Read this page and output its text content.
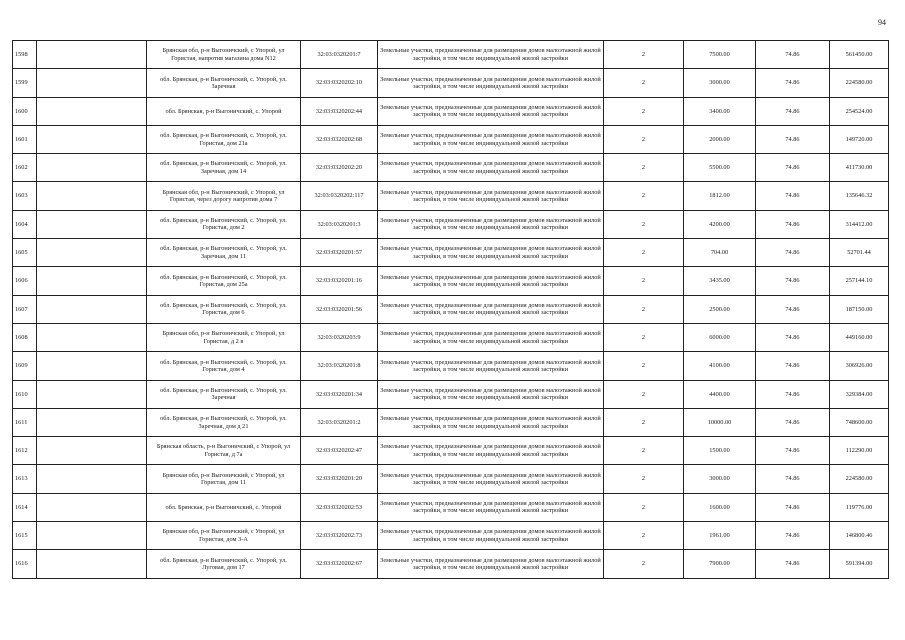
94
1598		Брянская обл, р-н Выгоничский, с Упорой, ул Гористая, напротив магазина дома N12	32:03:0320201:7	Земельные участки, предназначенные для размещения домов малоэтажной жилой застройки, в том числе индивидуальной жилой застройки	2	7500.00	74.86	561450.00
1599		обл. Брянская, р-н Выгоничский, с. Упорой, ул. Заречная	32:03:0320202:10	Земельные участки, предназначенные для размещения домов малоэтажной жилой застройки, в том числе индивидуальной жилой застройки	2	3000.00	74.86	224580.00
1600		обл. Брянская, р-н Выгоничский, с. Упорой	32:03:0320202:44	Земельные участки, предназначенные для размещения домов малоэтажной жилой застройки, в том числе индивидуальной жилой застройки	2	3400.00	74.86	254524.00
1601		обл. Брянская, р-н Выгоничский, с. Упорой, ул. Гористая, дом 21а	32:03:0320202:68	Земельные участки, предназначенные для размещения домов малоэтажной жилой застройки, в том числе индивидуальной жилой застройки	2	2000.00	74.86	149720.00
1602		обл. Брянская, р-н Выгоничский, с. Упорой, ул. Заречная, дом 14	32:03:0320202:20	Земельные участки, предназначенные для размещения домов малоэтажной жилой застройки, в том числе индивидуальной жилой застройки	2	5500.00	74.86	411730.00
1603		Брянская обл, р-н Выгоничский, с Упорой, ул Гористая, через дорогу напротив дома 7	32:03:0320202:117	Земельные участки, предназначенные для размещения домов малоэтажной жилой застройки, в том числе индивидуальной жилой застройки	2	1812.00	74.86	135646.32
1604		обл. Брянская, р-н Выгоничский, с. Упорой, ул. Гористая, дом 2	32:03:0320201:3	Земельные участки, предназначенные для размещения домов малоэтажной жилой застройки, в том числе индивидуальной жилой застройки	2	4200.00	74.86	314412.00
1605		обл. Брянская, р-н Выгоничский, с. Упорой, ул. Заречная, дом 11	32:03:0320201:57	Земельные участки, предназначенные для размещения домов малоэтажной жилой застройки, в том числе индивидуальной жилой застройки	2	704.00	74.86	52701.44
1606		обл. Брянская, р-н Выгоничский, с. Упорой, ул. Гористая, дом 25а	32:03:0320201:16	Земельные участки, предназначенные для размещения домов малоэтажной жилой застройки, в том числе индивидуальной жилой застройки	2	3435.00	74.86	257144.10
1607		обл. Брянская, р-н Выгоничский, с. Упорой, ул. Гористая, дом 6	32:03:0320201:56	Земельные участки, предназначенные для размещения домов малоэтажной жилой застройки, в том числе индивидуальной жилой застройки	2	2500.00	74.86	187150.00
1608		Брянская обл, р-н Выгоничский, с Упорой, ул Гористая, д 2 в	32:03:0320203:9	Земельные участки, предназначенные для размещения домов малоэтажной жилой застройки, в том числе индивидуальной жилой застройки	2	6000.00	74.86	449160.00
1609		обл. Брянская, р-н Выгоничский, с. Упорой, ул. Гористая, дом 4	32:03:0320201:8	Земельные участки, предназначенные для размещения домов малоэтажной жилой застройки, в том числе индивидуальной жилой застройки	2	4100.00	74.86	306926.00
1610		обл. Брянская, р-н Выгоничский, с. Упорой, ул. Заречная	32:03:0320201:34	Земельные участки, предназначенные для размещения домов малоэтажной жилой застройки, в том числе индивидуальной жилой застройки	2	4400.00	74.86	329384.00
1611		обл. Брянская, р-н Выгоничский, с. Упорой, ул. Заречная, дом д 21	32:03:0320201:2	Земельные участки, предназначенные для размещения домов малоэтажной жилой застройки, в том числе индивидуальной жилой застройки	2	10000.00	74.86	748600.00
1612		Брянская область, р-н Выгоничский, с Упорой, ул Гористая, д 7а	32:03:0320202:47	Земельные участки, предназначенные для размещения домов малоэтажной жилой застройки, в том числе индивидуальной жилой застройки	2	1500.00	74.86	112290.00
1613		Брянская обл, р-н Выгоничский, с Упорой, ул Гористая, дом 11	32:03:0320201:20	Земельные участки, предназначенные для размещения домов малоэтажной жилой застройки, в том числе индивидуальной жилой застройки	2	3000.00	74.86	224580.00
1614		обл. Брянская, р-н Выгоничский, с. Упорой	32:03:0320202:53	Земельные участки, предназначенные для размещения домов малоэтажной жилой застройки, в том числе индивидуальной жилой застройки	2	1600.00	74.86	119776.00
1615		Брянская обл, р-н Выгоничский, с Упорой, ул Гористая, дом 3-А	32:03:0320202:73	Земельные участки, предназначенные для размещения домов малоэтажной жилой застройки, в том числе индивидуальной жилой застройки	2	1961.00	74.86	146800.46
1616		обл. Брянская, р-н Выгоничский, с. Упорой, ул. Луговая, дом 17	32:03:0320202:67	Земельные участки, предназначенные для размещения домов малоэтажной жилой застройки, в том числе индивидуальной жилой застройки	2	7900.00	74.86	591394.00
